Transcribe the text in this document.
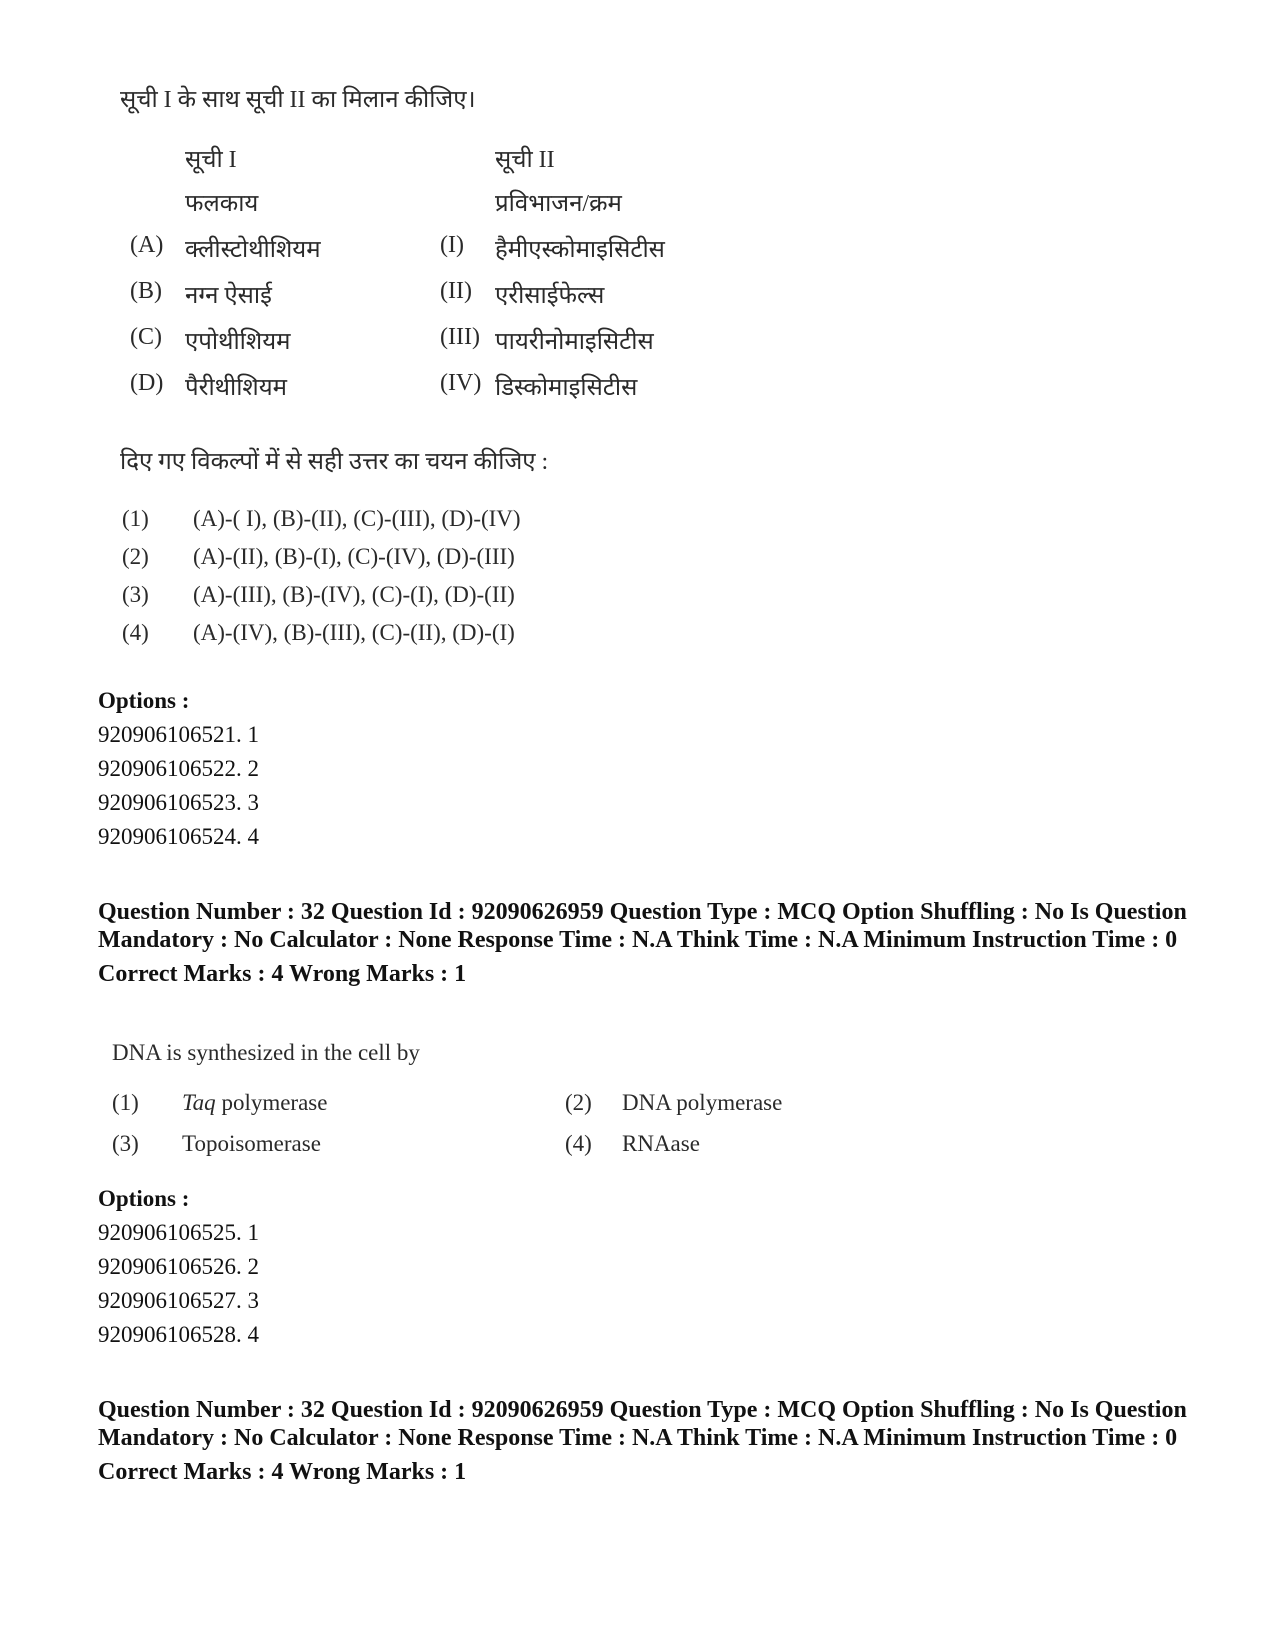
सूची I के साथ सूची II का मिलान कीजिए।
सूची I	सूची II
फलकाय	प्रविभाजन/क्रम
(A) क्लीस्टोथीशियम	(I) हैमीएस्कोमाइसिटीस
(B) नग्न ऐसाई	(II) एरीसाईफेल्स
(C) एपोथीशियम	(III) पायरीनोमाइसिटीस
(D) पैरीथीशियम	(IV) डिस्कोमाइसिटीस
दिए गए विकल्पों में से सही उत्तर का चयन कीजिए :
(1) (A)-( I), (B)-(II), (C)-(III), (D)-(IV)
(2) (A)-(II), (B)-(I), (C)-(IV), (D)-(III)
(3) (A)-(III), (B)-(IV), (C)-(I), (D)-(II)
(4) (A)-(IV), (B)-(III), (C)-(II), (D)-(I)
Options :
920906106521. 1
920906106522. 2
920906106523. 3
920906106524. 4
Question Number : 32 Question Id : 92090626959 Question Type : MCQ Option Shuffling : No Is Question Mandatory : No Calculator : None Response Time : N.A Think Time : N.A Minimum Instruction Time : 0
Correct Marks : 4 Wrong Marks : 1
DNA is synthesized in the cell by
(1) Taq polymerase	(2) DNA polymerase
(3) Topoisomerase	(4) RNAase
Options :
920906106525. 1
920906106526. 2
920906106527. 3
920906106528. 4
Question Number : 32 Question Id : 92090626959 Question Type : MCQ Option Shuffling : No Is Question Mandatory : No Calculator : None Response Time : N.A Think Time : N.A Minimum Instruction Time : 0
Correct Marks : 4 Wrong Marks : 1
